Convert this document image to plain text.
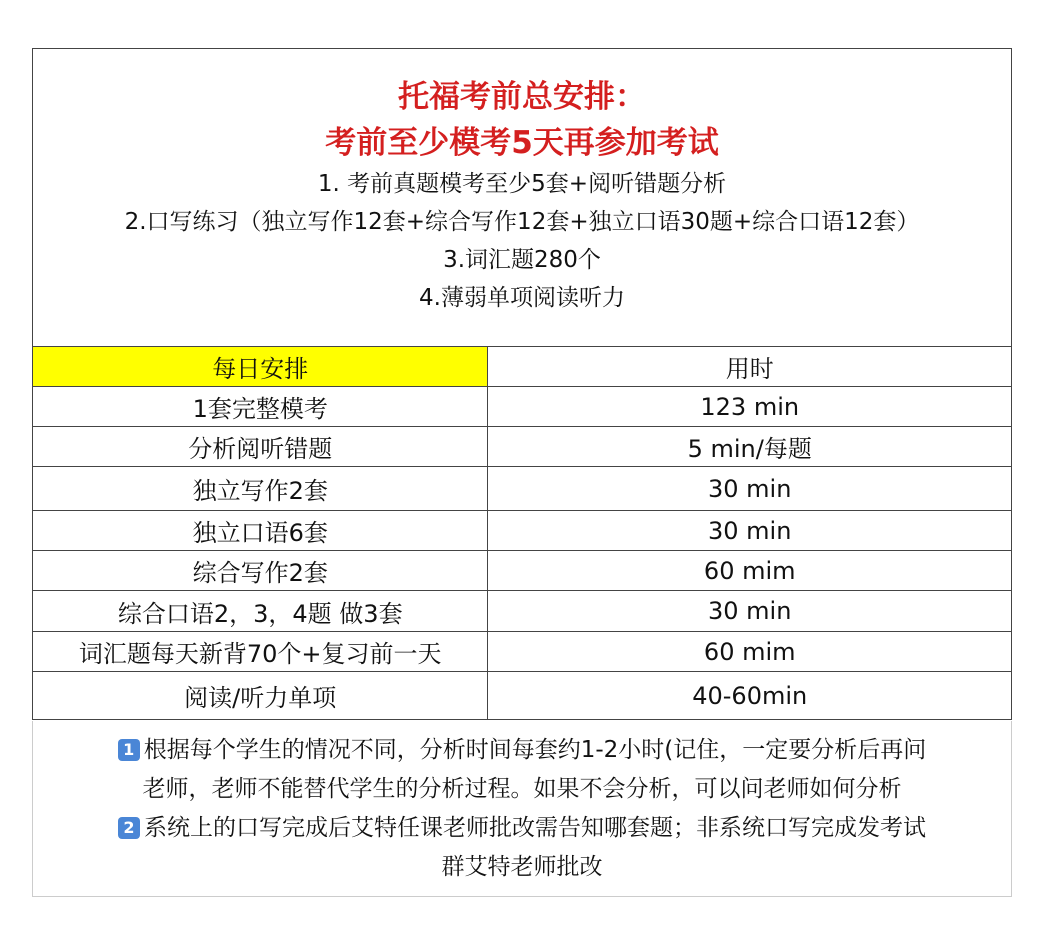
托福考前总安排：
考前至少模考5天再参加考试
1. 考前真题模考至少5套+阅听错题分析
2.口写练习（独立写作12套+综合写作12套+独立口语30题+综合口语12套）
3.词汇题280个
4.薄弱单项阅读听力
每日安排	用时
1套完整模考	123 min
分析阅听错题	5 min/每题
独立写作2套	30 min
独立口语6套	30 min
综合写作2套	60 mim
综合口语2，3，4题 做3套	30 min
词汇题每天新背70个+复习前一天	60 mim
阅读/听力单项	40-60min
1 根据每个学生的情况不同，分析时间每套约1-2小时(记住，一定要分析后再问
老师，老师不能替代学生的分析过程。如果不会分析，可以问老师如何分析
2 系统上的口写完成后艾特任课老师批改需告知哪套题；非系统口写完成发考试
群艾特老师批改
